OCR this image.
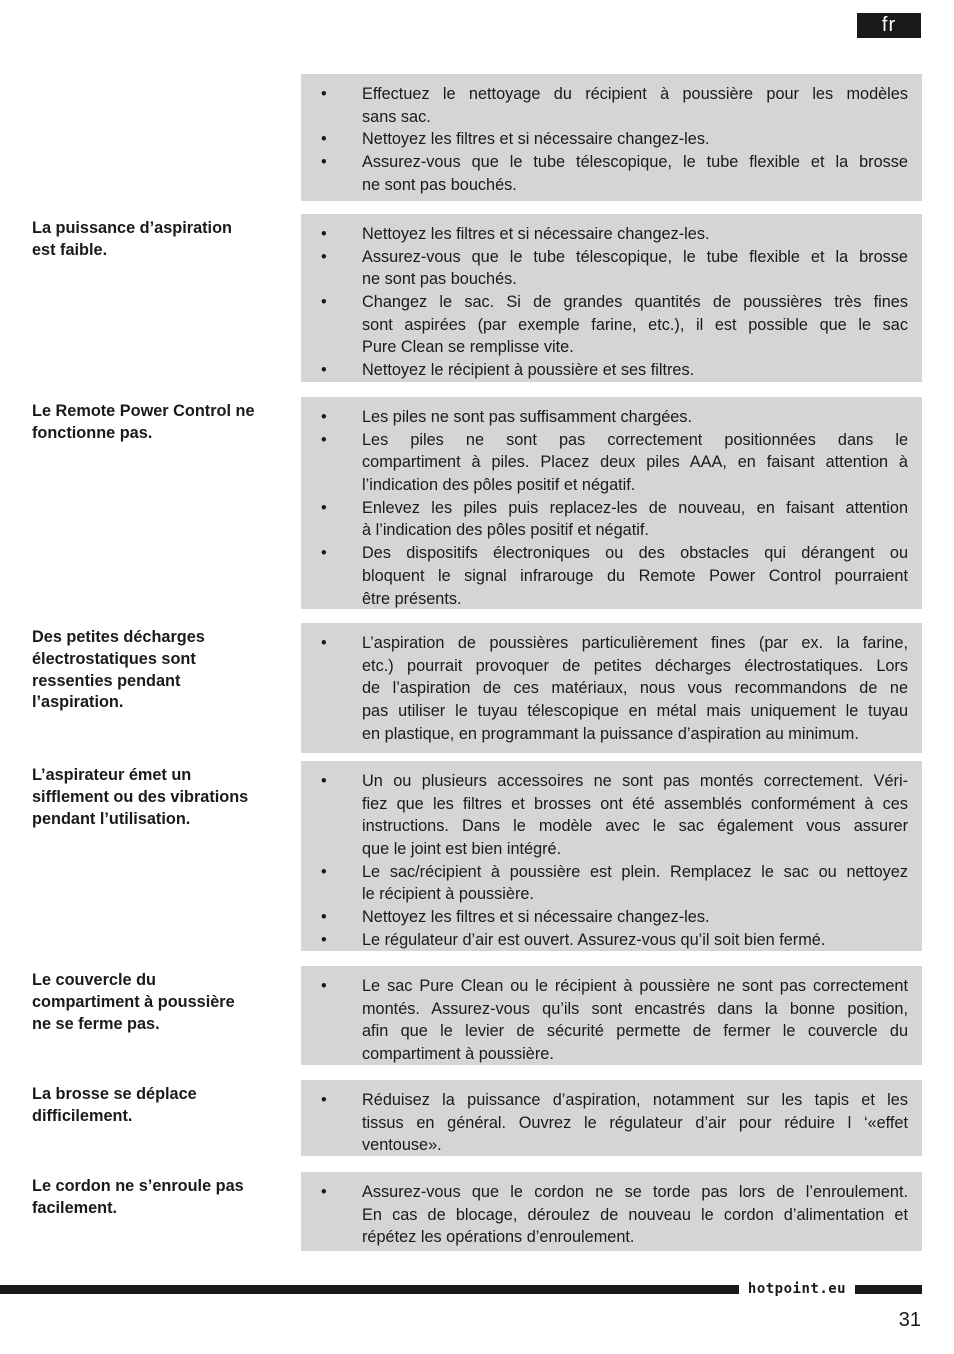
fr
• Effectuez le nettoyage du récipient à poussière pour les modèles
sans sac.
• Nettoyez les filtres et si nécessaire changez-les.
• Assurez-vous que le tube télescopique, le tube flexible et la brosse
ne sont pas bouchés.
La puissance d’aspiration
est faible.
• Nettoyez les filtres et si nécessaire changez-les.
• Assurez-vous que le tube télescopique, le tube flexible et la brosse
ne sont pas bouchés.
• Changez le sac. Si de grandes quantités de poussières très fines
sont aspirées (par exemple farine, etc.), il est possible que le sac
Pure Clean se remplisse vite.
• Nettoyez le récipient à poussière et ses filtres.
Le Remote Power Control ne
fonctionne pas.
• Les piles ne sont pas suffisamment chargées.
• Les piles ne sont pas correctement positionnées dans le
compartiment à piles. Placez deux piles AAA, en faisant attention à
l’indication des pôles positif et négatif.
• Enlevez les piles puis replacez-les de nouveau, en faisant attention
à l’indication des pôles positif et négatif.
• Des dispositifs électroniques ou des obstacles qui dérangent ou
bloquent le signal infrarouge du Remote Power Control pourraient
être présents.
Des petites décharges
électrostatiques sont
ressenties pendant
l’aspiration.
• L’aspiration de poussières particulièrement fines (par ex. la farine,
etc.) pourrait provoquer de petites décharges électrostatiques. Lors
de l’aspiration de ces matériaux, nous vous recommandons de ne
pas utiliser le tuyau télescopique en métal mais uniquement le tuyau
en plastique, en programmant la puissance d’aspiration au minimum.
L’aspirateur émet un
sifflement ou des vibrations
pendant l’utilisation.
• Un ou plusieurs accessoires ne sont pas montés correctement. Véri-
fiez que les filtres et brosses ont été assemblés conformément à ces
instructions. Dans le modèle avec le sac également vous assurer
que le joint est bien intégré.
• Le sac/récipient à poussière est plein. Remplacez le sac ou nettoyez
le récipient à poussière.
• Nettoyez les filtres et si nécessaire changez-les.
• Le régulateur d’air est ouvert. Assurez-vous qu’il soit bien fermé.
Le couvercle du
compartiment à poussière
ne se ferme pas.
• Le sac Pure Clean ou le récipient à poussière ne sont pas correctement
montés. Assurez-vous qu’ils sont encastrés dans la bonne position,
afin que le levier de sécurité permette de fermer le couvercle du
compartiment à poussière.
La brosse se déplace
difficilement.
• Réduisez la puissance d’aspiration, notamment sur les tapis et les
tissus en général. Ouvrez le régulateur d’air pour réduire l ‘«effet
ventouse».
Le cordon ne s’enroule pas
facilement.
• Assurez-vous que le cordon ne se torde pas lors de l’enroulement.
En cas de blocage, déroulez de nouveau le cordon d’alimentation et
répétez les opérations d’enroulement.
hotpoint.eu
31
